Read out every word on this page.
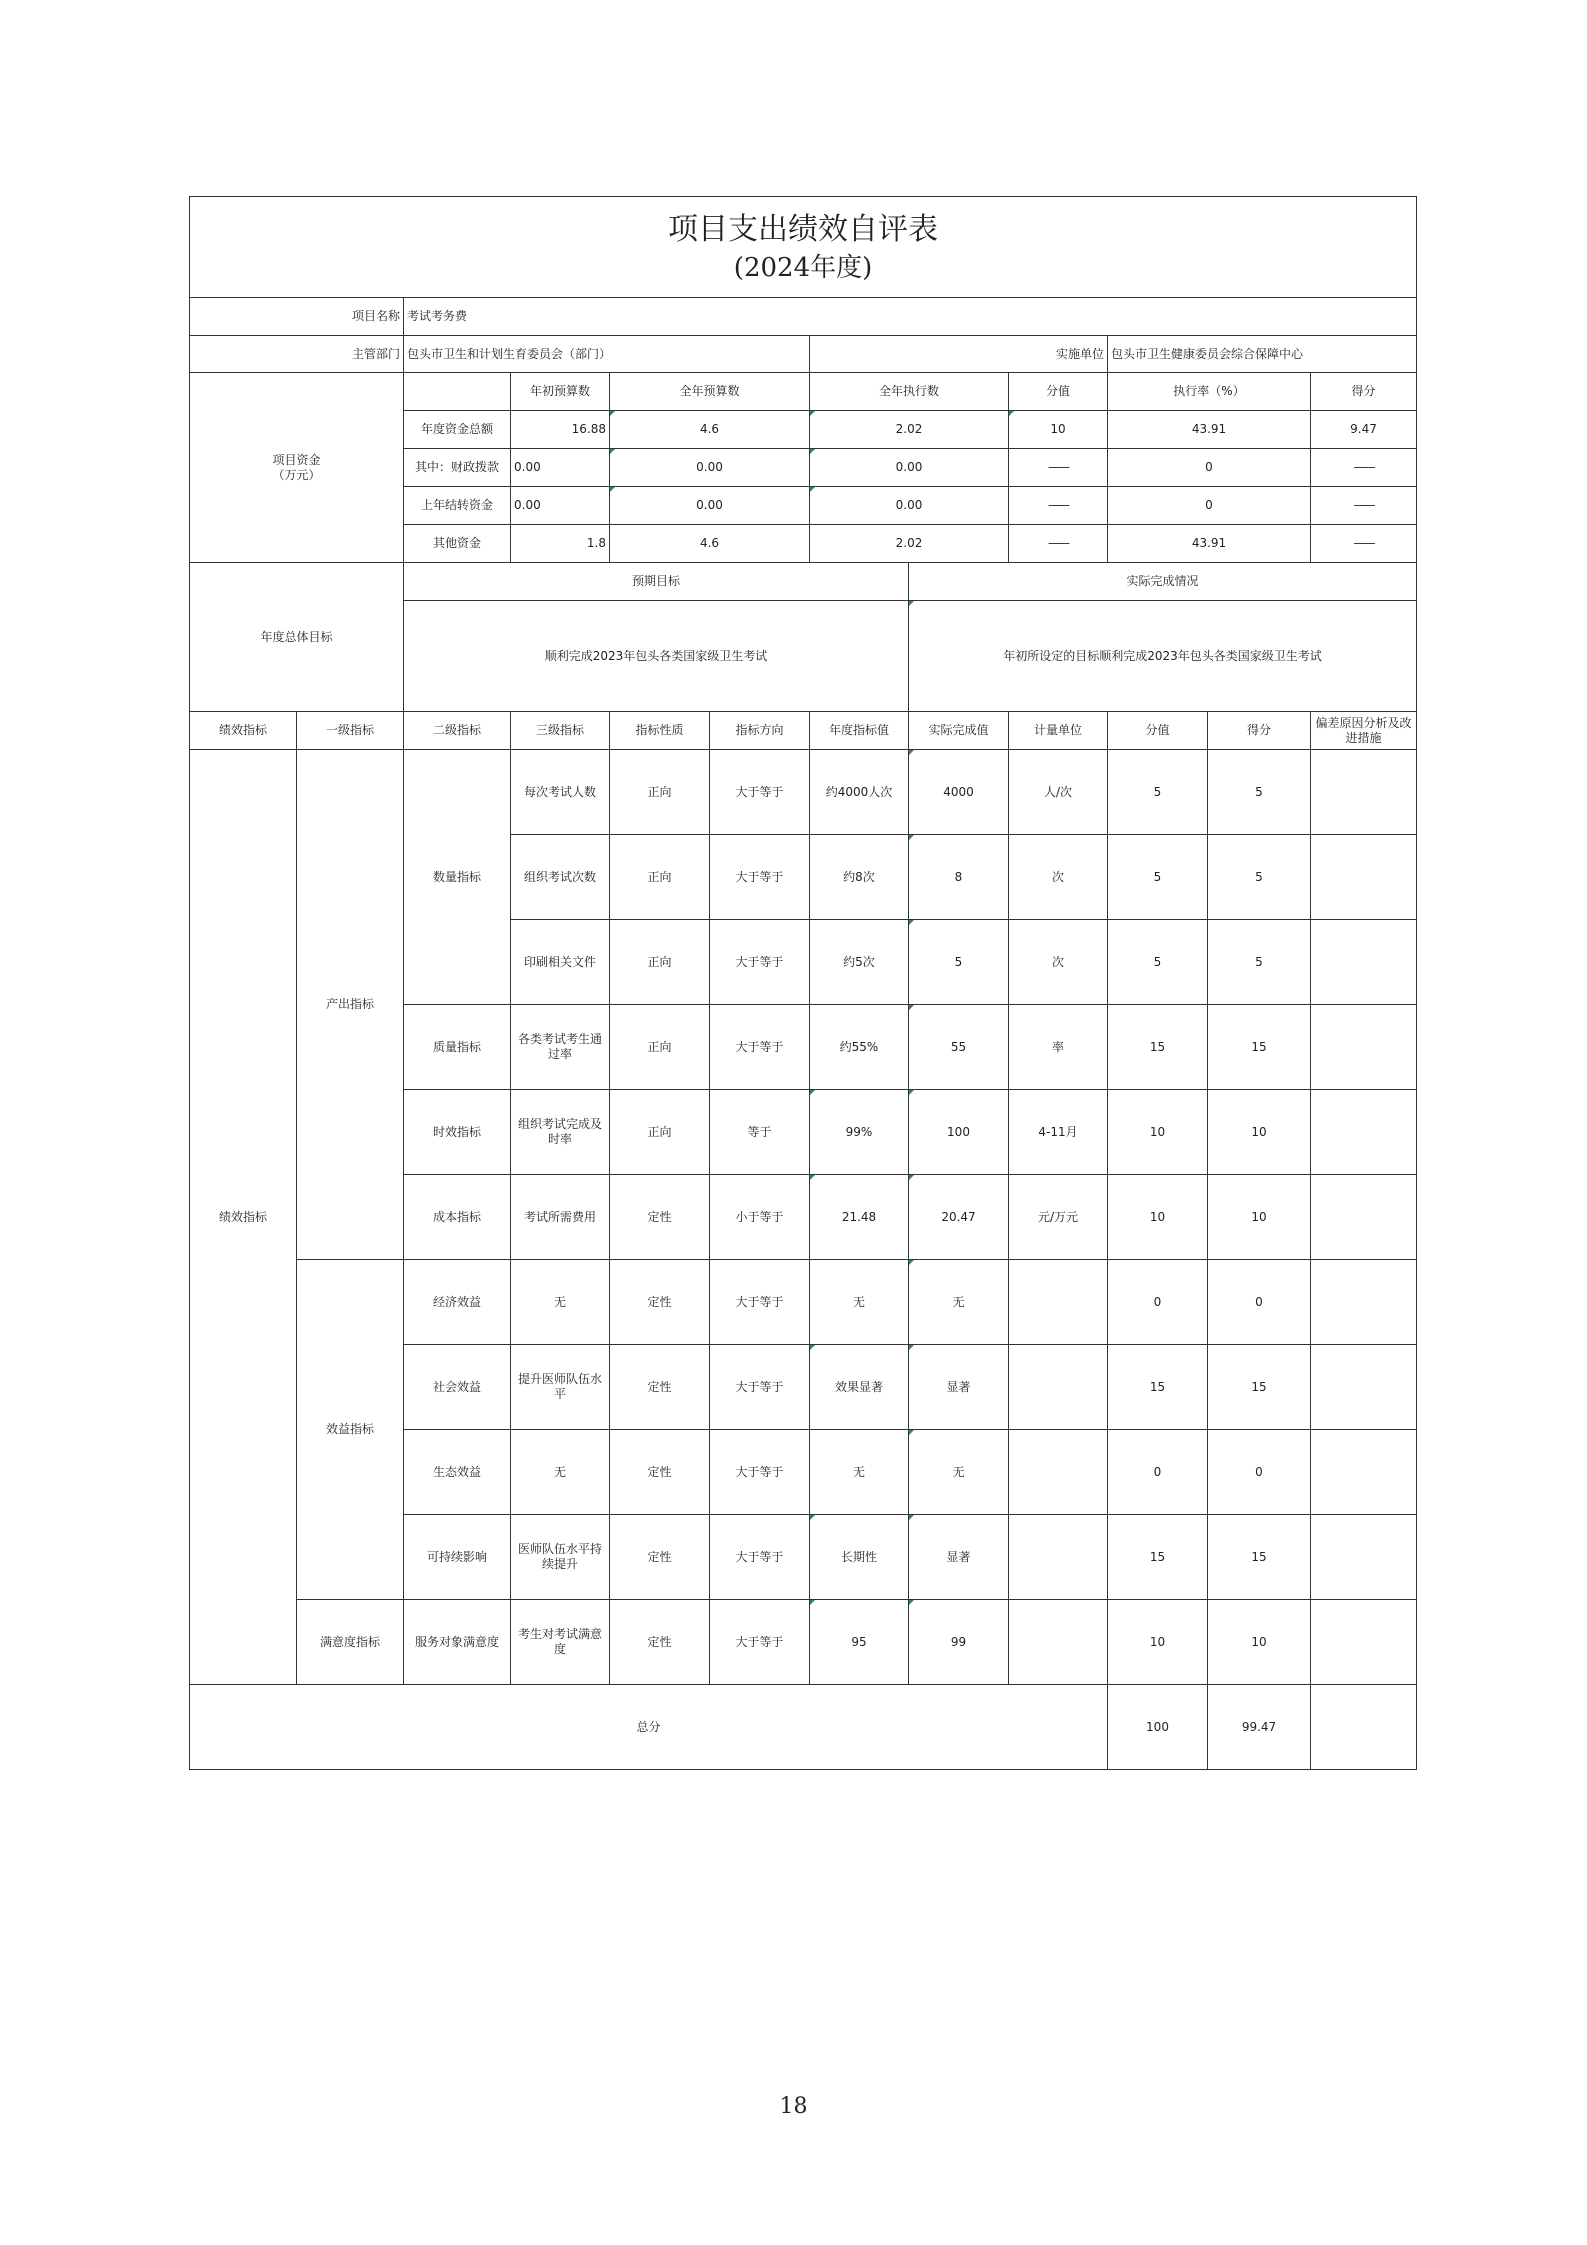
项目支出绩效自评表
(2024年度)											

项目名称		考试考务费									
主管部门		包头市卫生和计划生育委员会（部门）				实施单位			包头市卫生健康委员会综合保障中心		

项目资金
（万元）			年初预算数	全年预算数		全年执行数		分值	执行率（%）		得分
		年度资金总额	16.88	4.6		2.02		10	43.91		9.47
		其中：财政拨款	0.00	0.00		0.00		——	0		——
		上年结转资金	0.00	0.00		0.00		——	0		——
		其他资金	1.8	4.6		2.02		——	43.91		——
年度总体目标		预期目标					实际完成情况				
		顺利完成2023年包头各类国家级卫生考试					年初所设定的目标顺利完成2023年包头各类国家级卫生考试				
绩效指标	一级指标	二级指标	三级指标	指标性质	指标方向	年度指标值	实际完成值	计量单位	分值	得分	偏差原因分析及改进措施
绩效指标	产出指标	数量指标	每次考试人数	正向	大于等于	约4000人次	4000	人/次	5	5	
			组织考试次数	正向	大于等于	约8次	8	次	5	5	
			印刷相关文件	正向	大于等于	约5次	5	次	5	5	
		质量指标	各类考试考生通过率	正向	大于等于	约55%	55	率	15	15	
		时效指标	组织考试完成及时率	正向	等于	99%	100	4-11月	10	10	
		成本指标	考试所需费用	定性	小于等于	21.48	20.47	元/万元	10	10	
	效益指标	经济效益	无	定性	大于等于	无	无		0	0	
		社会效益	提升医师队伍水平	定性	大于等于	效果显著	显著		15	15	
		生态效益	无	定性	大于等于	无	无		0	0	
		可持续影响	医师队伍水平持续提升	定性	大于等于	长期性	显著		15	15	
	满意度指标	服务对象满意度	考生对考试满意度	定性	大于等于	95	99		10	10	
总分									100	99.47	
18
